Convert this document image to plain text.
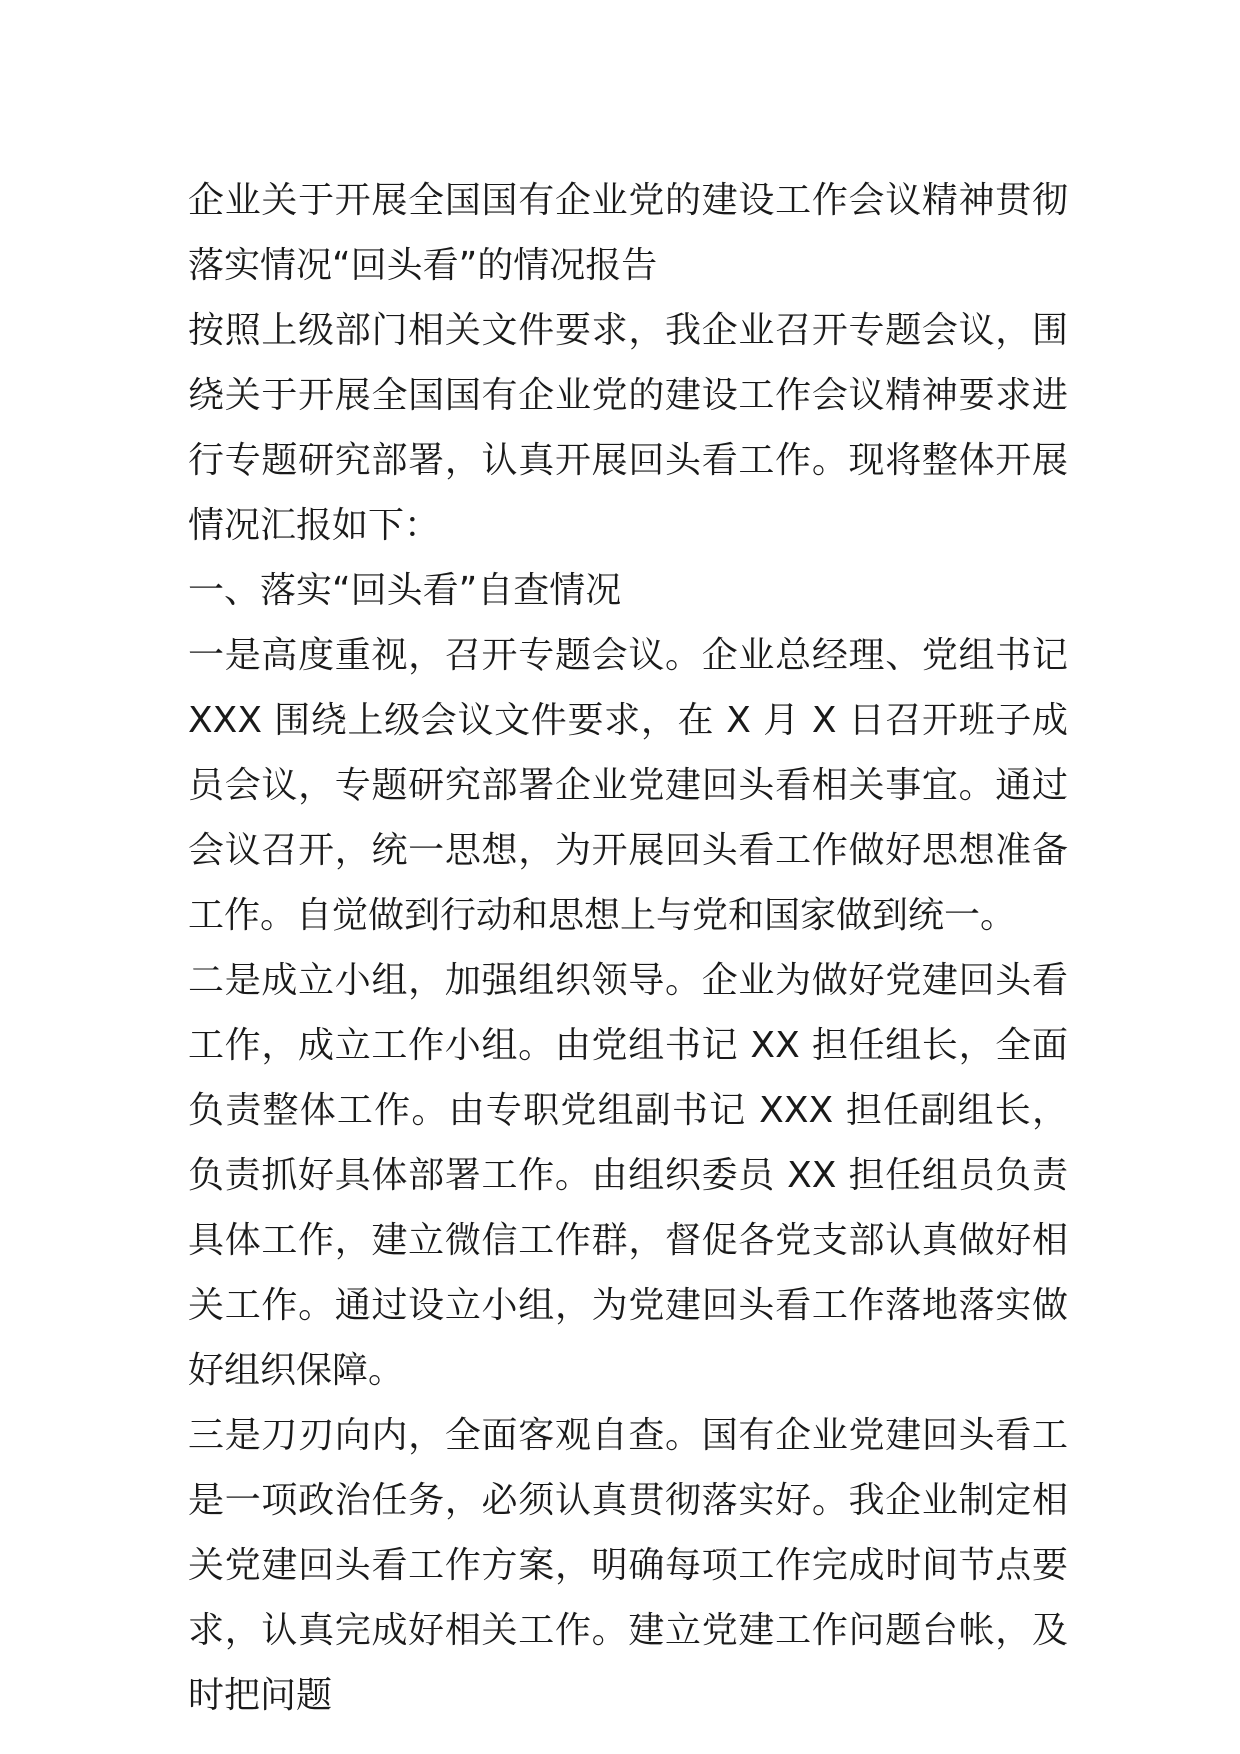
企业关于开展全国国有企业党的建设工作会议精神贯彻落实情况“回头看”的情况报告

按照上级部门相关文件要求，我企业召开专题会议，围绕关于开展全国国有企业党的建设工作会议精神要求进行专题研究部署，认真开展回头看工作。现将整体开展情况汇报如下：

一、落实“回头看”自查情况

一是高度重视，召开专题会议。企业总经理、党组书记XXX 围绕上级会议文件要求，在 X 月 X 日召开班子成员会议，专题研究部署企业党建回头看相关事宜。通过会议召开，统一思想，为开展回头看工作做好思想准备工作。自觉做到行动和思想上与党和国家做到统一。

二是成立小组，加强组织领导。企业为做好党建回头看工作，成立工作小组。由党组书记 XX 担任组长，全面负责整体工作。由专职党组副书记 XXX 担任副组长，负责抓好具体部署工作。由组织委员 XX 担任组员负责具体工作，建立微信工作群，督促各党支部认真做好相关工作。通过设立小组，为党建回头看工作落地落实做好组织保障。

三是刀刃向内，全面客观自查。国有企业党建回头看工是一项政治任务，必须认真贯彻落实好。我企业制定相关党建回头看工作方案，明确每项工作完成时间节点要求，认真完成好相关工作。建立党建工作问题台帐，及时把问题
